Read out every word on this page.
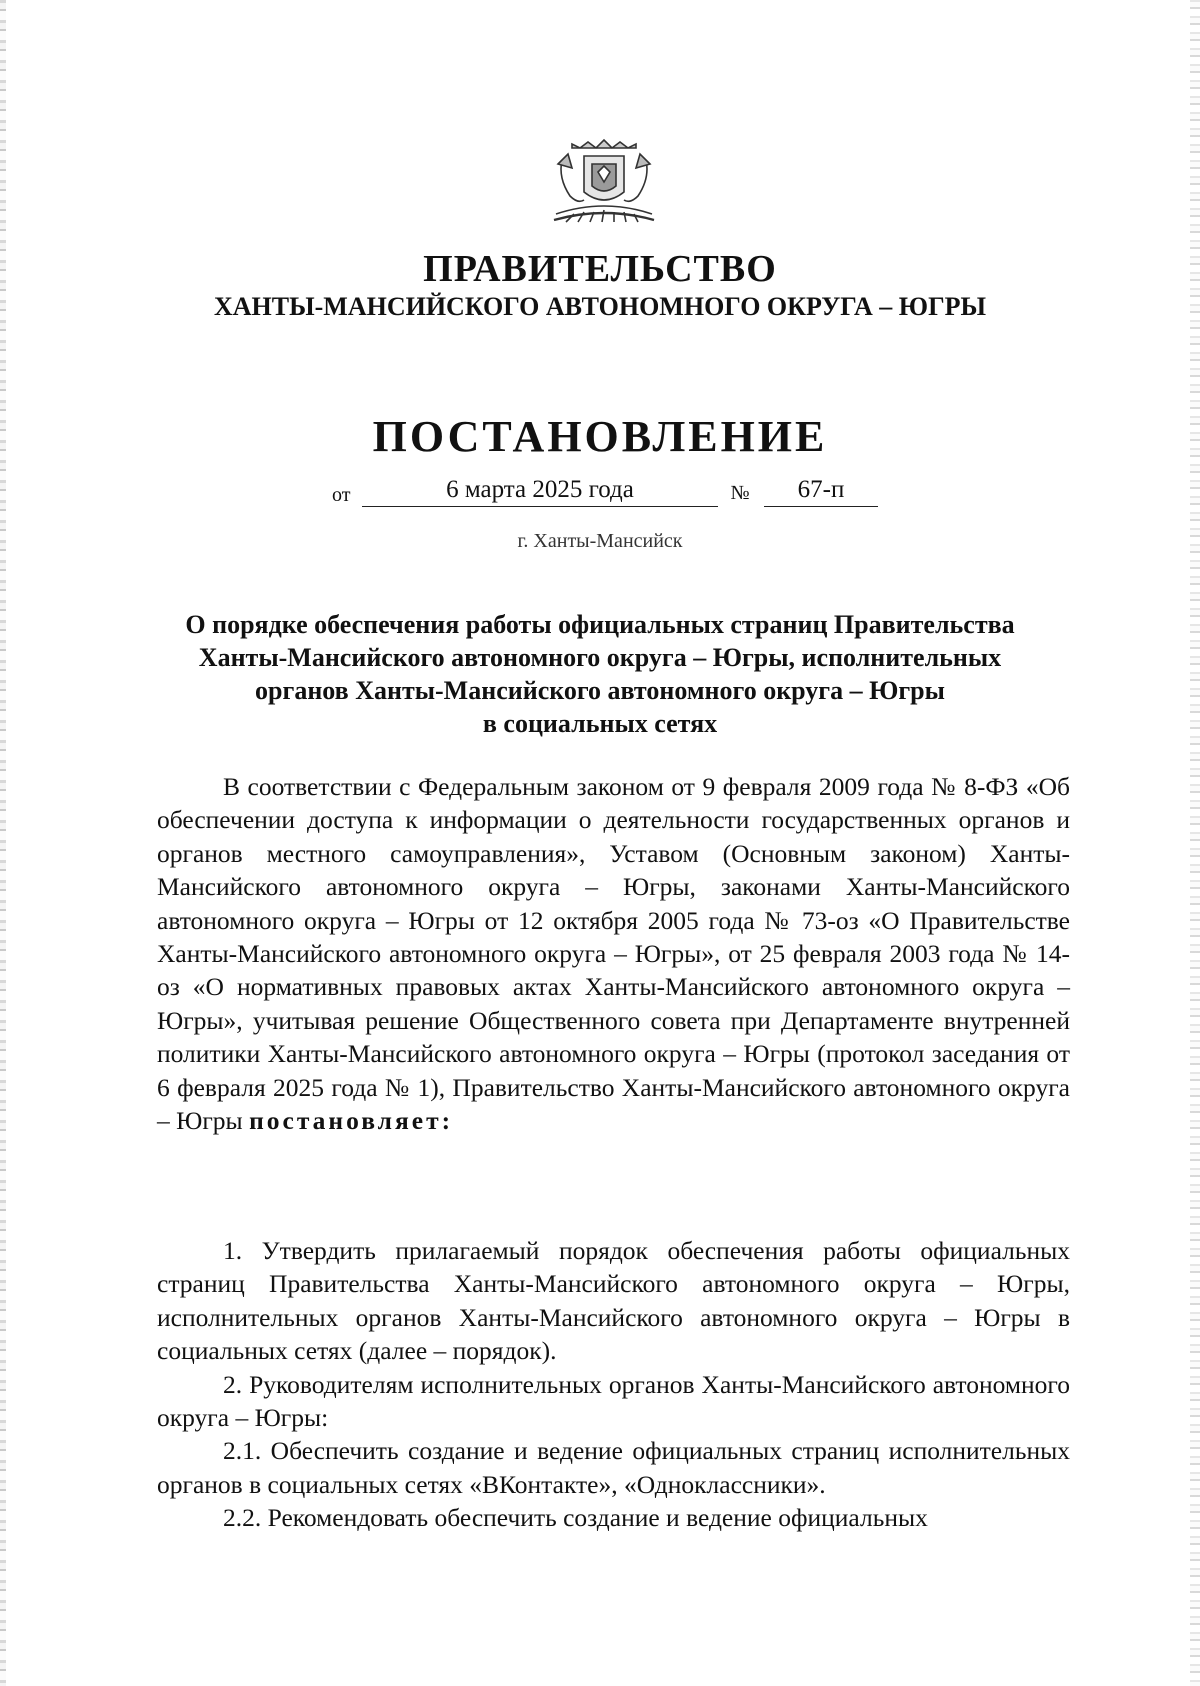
ПРАВИТЕЛЬСТВО
ХАНТЫ-МАНСИЙСКОГО АВТОНОМНОГО ОКРУГА – ЮГРЫ
ПОСТАНОВЛЕНИЕ
от	6 марта 2025 года	№	67-п
г. Ханты-Мансийск
О порядке обеспечения работы официальных страниц Правительства
Ханты-Мансийского автономного округа – Югры, исполнительных
органов Ханты-Мансийского автономного округа – Югры
в социальных сетях
В соответствии с Федеральным законом от 9 февраля 2009 года № 8-ФЗ «Об обеспечении доступа к информации о деятельности государственных органов и органов местного самоуправления», Уставом (Основным законом) Ханты-Мансийского автономного округа – Югры, законами Ханты-Мансийского автономного округа – Югры от 12 октября 2005 года № 73-оз «О Правительстве Ханты-Мансийского автономного округа – Югры», от 25 февраля 2003 года № 14-оз «О нормативных правовых актах Ханты-Мансийского автономного округа – Югры», учитывая решение Общественного совета при Департаменте внутренней политики Ханты-Мансийского автономного округа – Югры (протокол заседания от 6 февраля 2025 года № 1), Правительство Ханты-Мансийского автономного округа – Югры постановляет:

1. Утвердить прилагаемый порядок обеспечения работы официальных страниц Правительства Ханты-Мансийского автономного округа – Югры, исполнительных органов Ханты-Мансийского автономного округа – Югры в социальных сетях (далее – порядок).

2. Руководителям исполнительных органов Ханты-Мансийского автономного округа – Югры:

2.1. Обеспечить создание и ведение официальных страниц исполнительных органов в социальных сетях «ВКонтакте», «Одноклассники».

2.2. Рекомендовать обеспечить создание и ведение официальных
